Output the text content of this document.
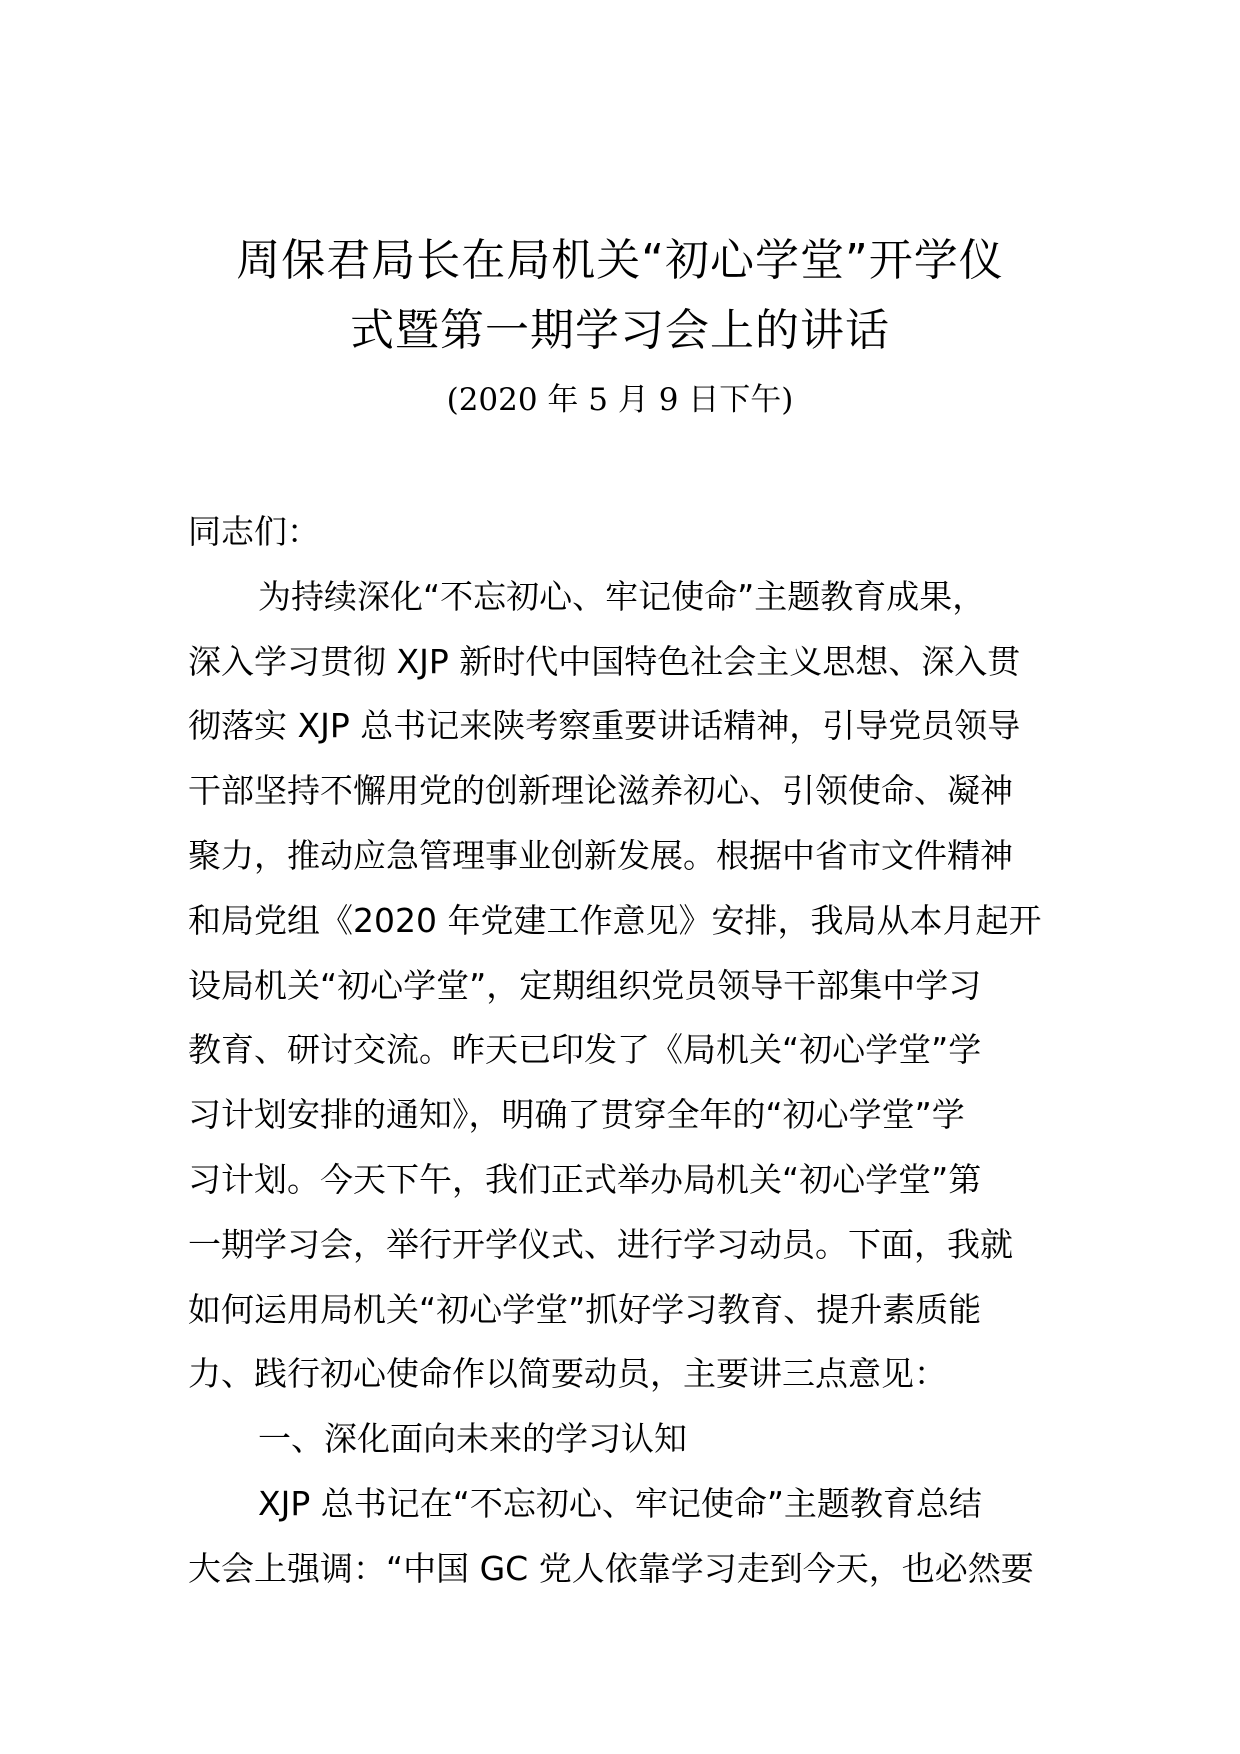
周保君局长在局机关“初心学堂”开学仪
式暨第一期学习会上的讲话
(2020 年 5 月 9 日下午)
同志们：
为持续深化“不忘初心、牢记使命”主题教育成果，
深入学习贯彻 XJP 新时代中国特色社会主义思想、深入贯
彻落实 XJP 总书记来陕考察重要讲话精神，引导党员领导
干部坚持不懈用党的创新理论滋养初心、引领使命、凝神
聚力，推动应急管理事业创新发展。根据中省市文件精神
和局党组《2020 年党建工作意见》安排，我局从本月起开
设局机关“初心学堂”，定期组织党员领导干部集中学习
教育、研讨交流。昨天已印发了《局机关“初心学堂”学
习计划安排的通知》，明确了贯穿全年的“初心学堂”学
习计划。今天下午，我们正式举办局机关“初心学堂”第
一期学习会，举行开学仪式、进行学习动员。下面，我就
如何运用局机关“初心学堂”抓好学习教育、提升素质能
力、践行初心使命作以简要动员，主要讲三点意见：
一、深化面向未来的学习认知
XJP 总书记在“不忘初心、牢记使命”主题教育总结
大会上强调：“中国 GC 党人依靠学习走到今天，也必然要
